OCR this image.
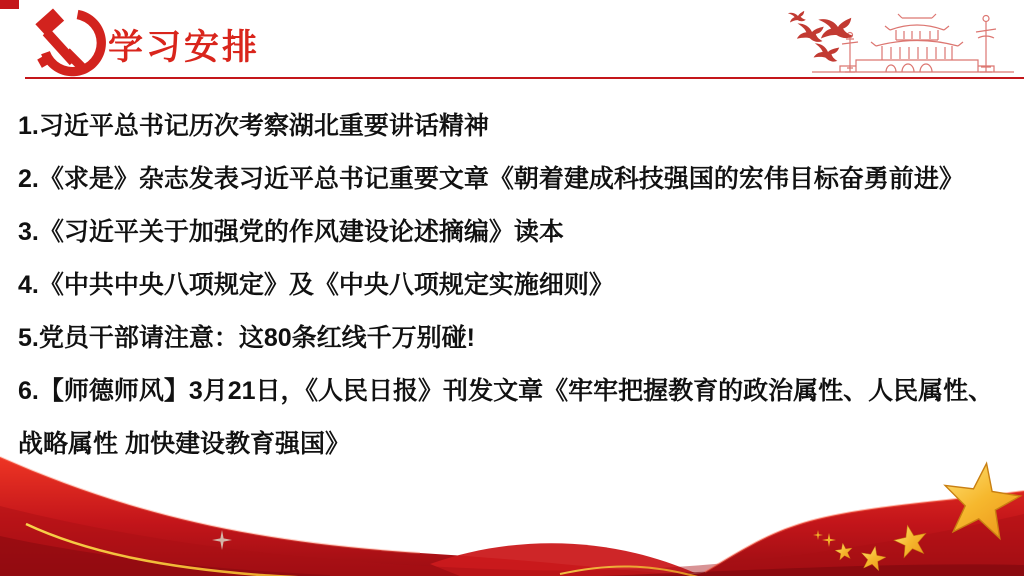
学习安排
1.习近平总书记历次考察湖北重要讲话精神
2.《求是》杂志发表习近平总书记重要文章《朝着建成科技强国的宏伟目标奋勇前进》
3.《习近平关于加强党的作风建设论述摘编》读本
4.《中共中央八项规定》及《中央八项规定实施细则》
5.党员干部请注意：这80条红线千万别碰!
6.【师德师风】3月21日，《人民日报》刊发文章《牢牢把握教育的政治属性、人民属性、
战略属性 加快建设教育强国》
